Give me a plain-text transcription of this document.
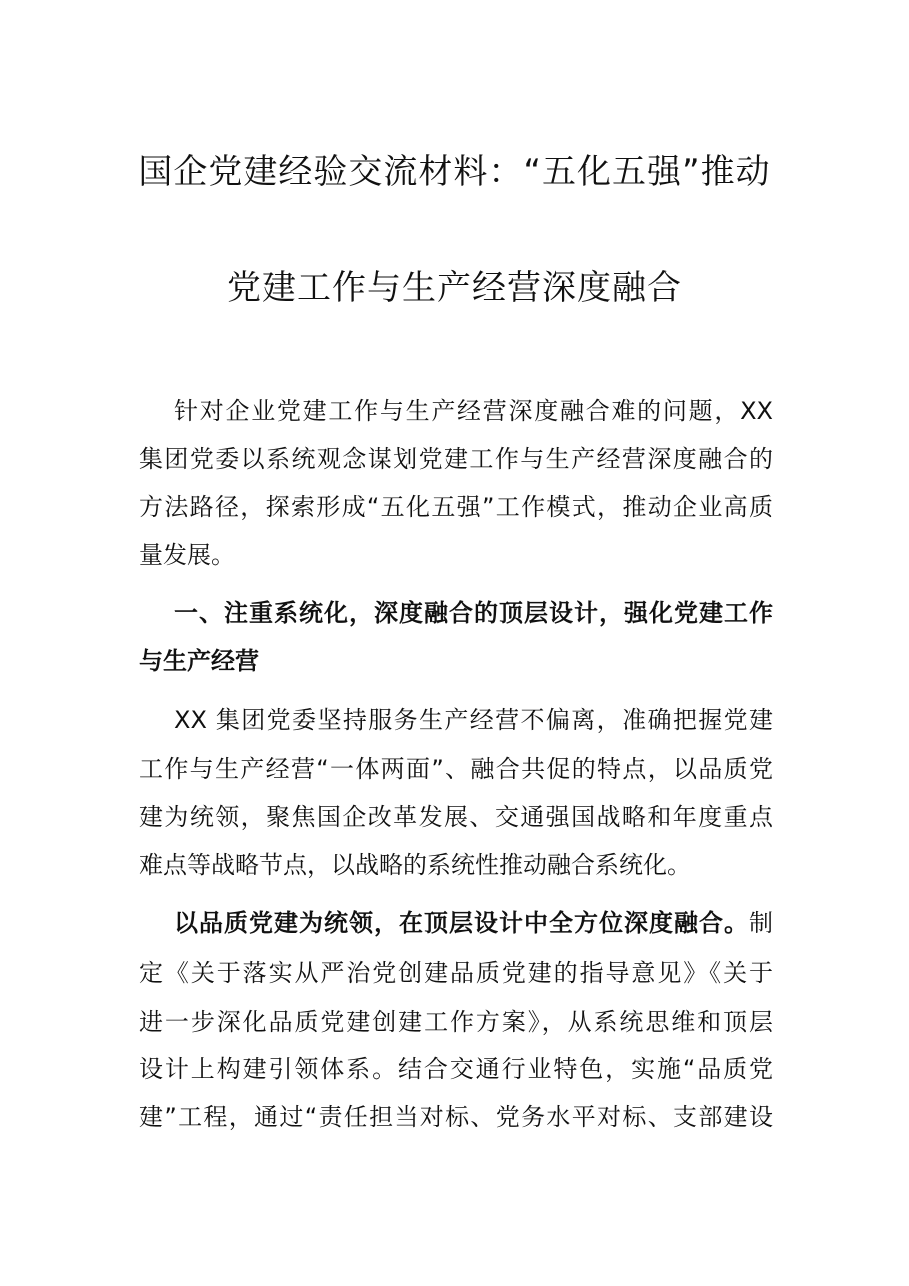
国企党建经验交流材料：“五化五强”推动
党建工作与生产经营深度融合
针对企业党建工作与生产经营深度融合难的问题，XX
集团党委以系统观念谋划党建工作与生产经营深度融合的
方法路径，探索形成“五化五强”工作模式，推动企业高质
量发展。
一、注重系统化，深度融合的顶层设计，强化党建工作
与生产经营
XX 集团党委坚持服务生产经营不偏离，准确把握党建
工作与生产经营“一体两面”、融合共促的特点，以品质党
建为统领，聚焦国企改革发展、交通强国战略和年度重点
难点等战略节点，以战略的系统性推动融合系统化。
以品质党建为统领，在顶层设计中全方位深度融合。制
定《关于落实从严治党创建品质党建的指导意见》《关于
进一步深化品质党建创建工作方案》，从系统思维和顶层
设计上构建引领体系。结合交通行业特色，实施“品质党
建”工程，通过“责任担当对标、党务水平对标、支部建设
